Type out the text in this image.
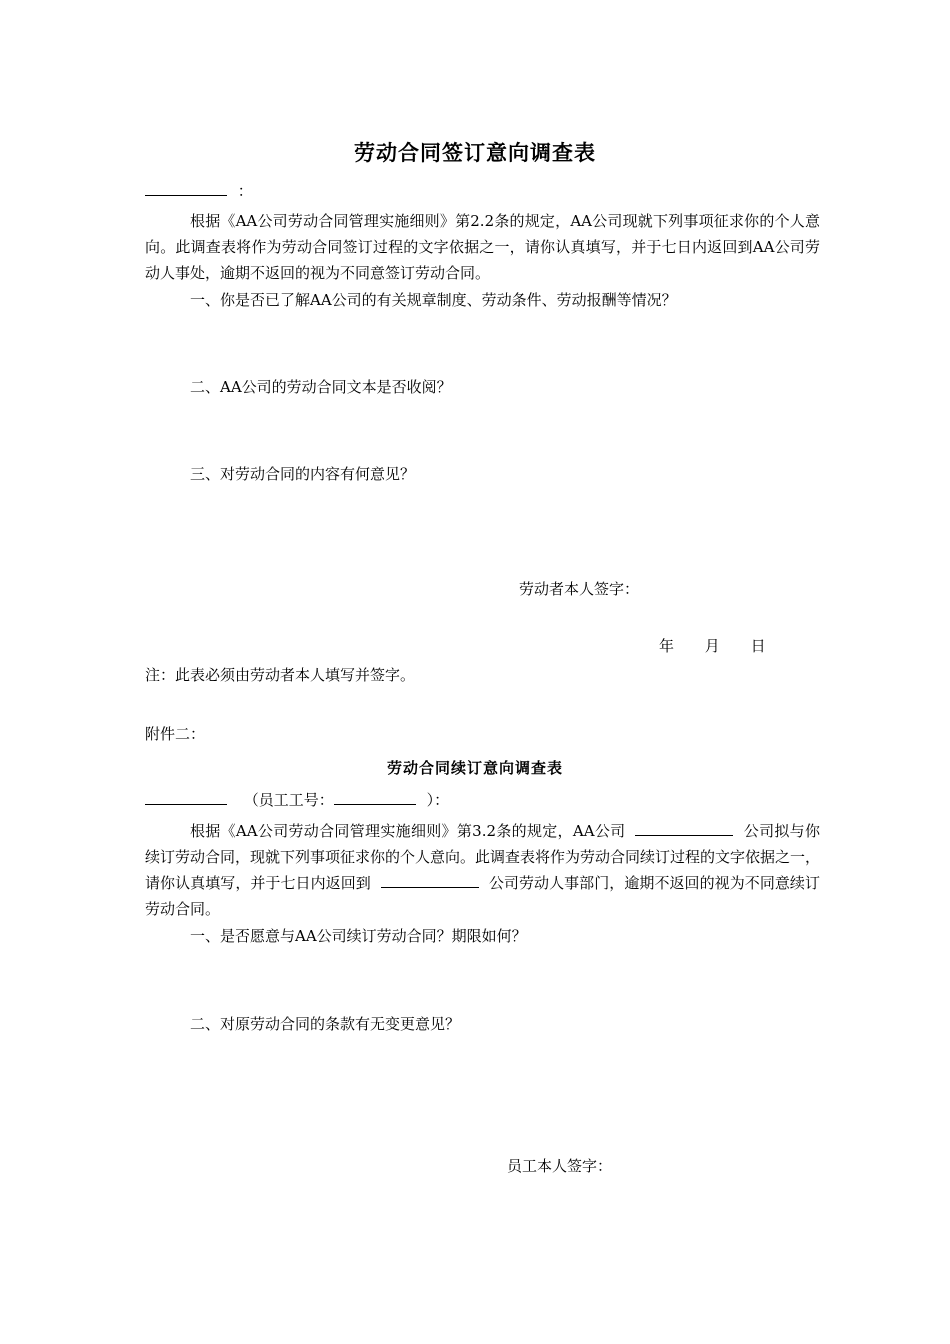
劳动合同签订意向调查表
：
根据《AA公司劳动合同管理实施细则》第2.2条的规定，AA公司现就下列事项征求你的个人意向。此调查表将作为劳动合同签订过程的文字依据之一，请你认真填写，并于七日内返回到AA公司劳动人事处，逾期不返回的视为不同意签订劳动合同。
一、你是否已了解AA公司的有关规章制度、劳动条件、劳动报酬等情况？
二、AA公司的劳动合同文本是否收阅？
三、对劳动合同的内容有何意见？
劳动者本人签字：
年 月 日
注：此表必须由劳动者本人填写并签字。
附件二：
劳动合同续订意向调查表
（员工工号：	）：
根据《AA公司劳动合同管理实施细则》第3.2条的规定，AA公司	公司拟与你续订劳动合同，现就下列事项征求你的个人意向。此调查表将作为劳动合同续订过程的文字依据之一，请你认真填写，并于七日内返回到	公司劳动人事部门，逾期不返回的视为不同意续订劳动合同。
一、是否愿意与AA公司续订劳动合同？期限如何？
二、对原劳动合同的条款有无变更意见？
员工本人签字：
